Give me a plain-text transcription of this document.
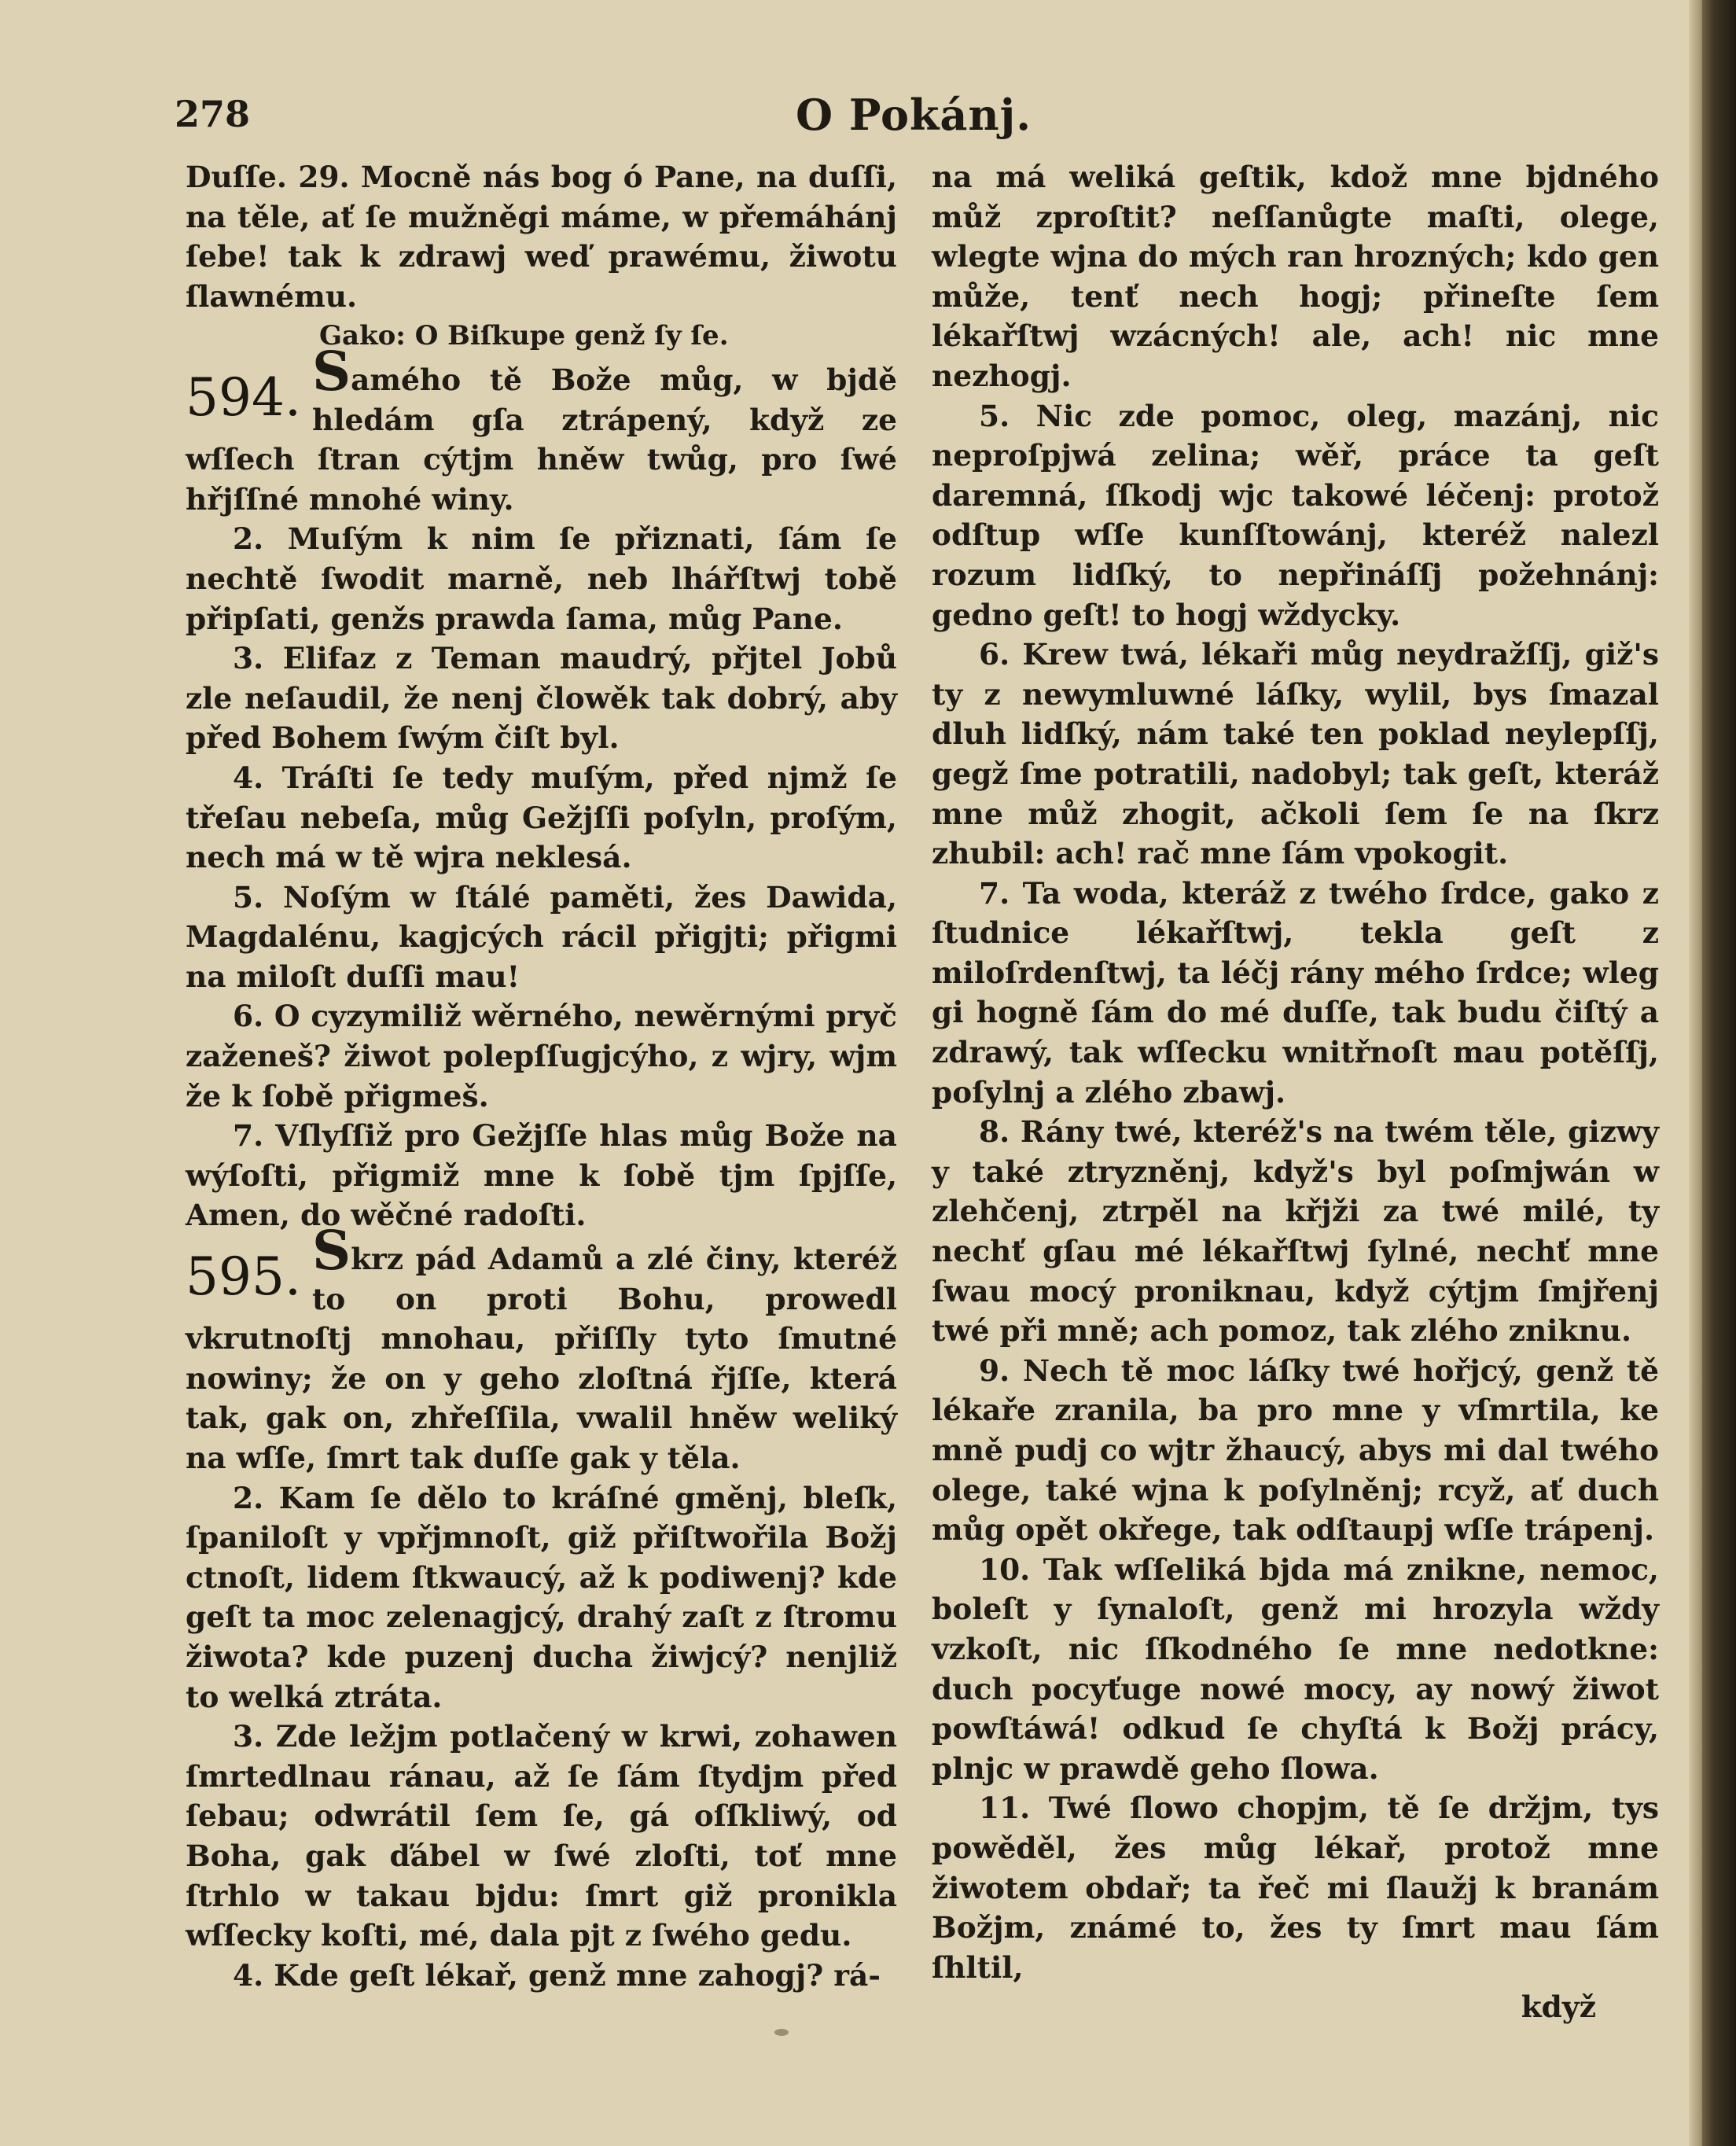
278	O Pokánj.

Duſſe. 29. Mocně nás bog ó Pane, na duſſi, na těle, ať ſe mužněgi máme, w přemáhánj ſebe! tak k zdrawj weď prawému, žiwotu ſlawnému.

Gako: O Biſkupe genž ſy ſe.

594. Samého tě Bože můg, w bjdě hledám gſa ztrápený, když ze wſſech ſtran cýtjm hněw twůg, pro ſwé hřjſſné mnohé winy.

2. Muſým k nim ſe přiznati, ſám ſe nechtě ſwodit marně, neb lhářſtwj tobě připſati, genžs prawda ſama, můg Pane.

3. Elifaz z Teman maudrý, přjtel Jobů zle neſaudil, že nenj člowěk tak dobrý, aby před Bohem ſwým čiſt byl.

4. Tráſti ſe tedy muſým, před njmž ſe třeſau nebeſa, můg Gežjſſi poſyln, proſým, nech má w tě wjra neklesá.

5. Noſým w ſtálé paměti, žes Dawida, Magdalénu, kagjcých rácil přigjti; přigmi na miloſt duſſi mau!

6. O cyzymiliž wěrného, newěrnými pryč zaženeš? žiwot polepſſugjcýho, z wjry, wjm že k ſobě přigmeš.

7. Vſlyſſiž pro Gežjſſe hlas můg Bože na wýſoſti, přigmiž mne k ſobě tjm ſpjſſe, Amen, do wěčné radoſti.

595. Skrz pád Adamů a zlé činy, kteréž to on proti Bohu, prowedl vkrutnoſtj mnohau, přiſſly tyto ſmutné nowiny; že on y geho zloſtná řjſſe, která tak, gak on, zhřeſſila, vwalil hněw weliký na wſſe, ſmrt tak duſſe gak y těla.

2. Kam ſe dělo to kráſné gměnj, bleſk, ſpaniloſt y vpřjmnoſt, giž přiſtwořila Božj ctnoſt, lidem ſtkwaucý, až k podiwenj? kde geſt ta moc zelenagjcý, drahý zaſt z ſtromu žiwota? kde puzenj ducha žiwjcý? nenjliž to welká ztráta.

3. Zde ležjm potlačený w krwi, zohawen ſmrtedlnau ránau, až ſe ſám ſtydjm před ſebau; odwrátil ſem ſe, gá oſſkliwý, od Boha, gak ďábel w ſwé zloſti, toť mne ſtrhlo w takau bjdu: ſmrt giž pronikla wſſecky koſti, mé, dala pjt z ſwého gedu.

4. Kde geſt lékař, genž mne zahogj? rá-

na má weliká geſtik, kdož mne bjdného můž zproſtit? neſſanůgte maſti, olege, wlegte wjna do mých ran hrozných; kdo gen může, tenť nech hogj; přineſte ſem lékařſtwj wzácných! ale, ach! nic mne nezhogj.

5. Nic zde pomoc, oleg, mazánj, nic neproſpjwá zelina; wěř, práce ta geſt daremná, ſſkodj wjc takowé léčenj: protož odſtup wſſe kunſſtowánj, kteréž nalezl rozum lidſký, to nepřináſſj požehnánj: gedno geſt! to hogj wždycky.

6. Krew twá, lékaři můg neydražſſj, giž's ty z newymluwné láſky, wylil, bys ſmazal dluh lidſký, nám také ten poklad neylepſſj, gegž ſme potratili, nadobyl; tak geſt, kteráž mne můž zhogit, ačkoli ſem ſe na ſkrz zhubil: ach! rač mne ſám vpokogit.

7. Ta woda, kteráž z twého ſrdce, gako z ſtudnice lékařſtwj, tekla geſt z miloſrdenſtwj, ta léčj rány mého ſrdce; wleg gi hogně ſám do mé duſſe, tak budu čiſtý a zdrawý, tak wſſecku wnitřnoſt mau potěſſj, poſylnj a zlého zbawj.

8. Rány twé, kteréž's na twém těle, gizwy y také ztryzněnj, když's byl poſmjwán w zlehčenj, ztrpěl na křjži za twé milé, ty nechť gſau mé lékařſtwj ſylné, nechť mne ſwau mocý proniknau, když cýtjm ſmjřenj twé při mně; ach pomoz, tak zlého zniknu.

9. Nech tě moc láſky twé hořjcý, genž tě lékaře zranila, ba pro mne y vſmrtila, ke mně pudj co wjtr žhaucý, abys mi dal twého olege, také wjna k poſylněnj; rcyž, ať duch můg opět okřege, tak odſtaupj wſſe trápenj.

10. Tak wſſeliká bjda má znikne, nemoc, boleſt y ſynaloſt, genž mi hrozyla wždy vzkoſt, nic ſſkodného ſe mne nedotkne: duch pocyťuge nowé mocy, ay nowý žiwot powſtáwá! odkud ſe chyſtá k Božj prácy, plnjc w prawdě geho ſlowa.

11. Twé ſlowo chopjm, tě ſe držjm, tys powěděl, žes můg lékař, protož mne žiwotem obdař; ta řeč mi ſlaužj k branám Božjm, známé to, žes ty ſmrt mau ſám ſhltil,

když
